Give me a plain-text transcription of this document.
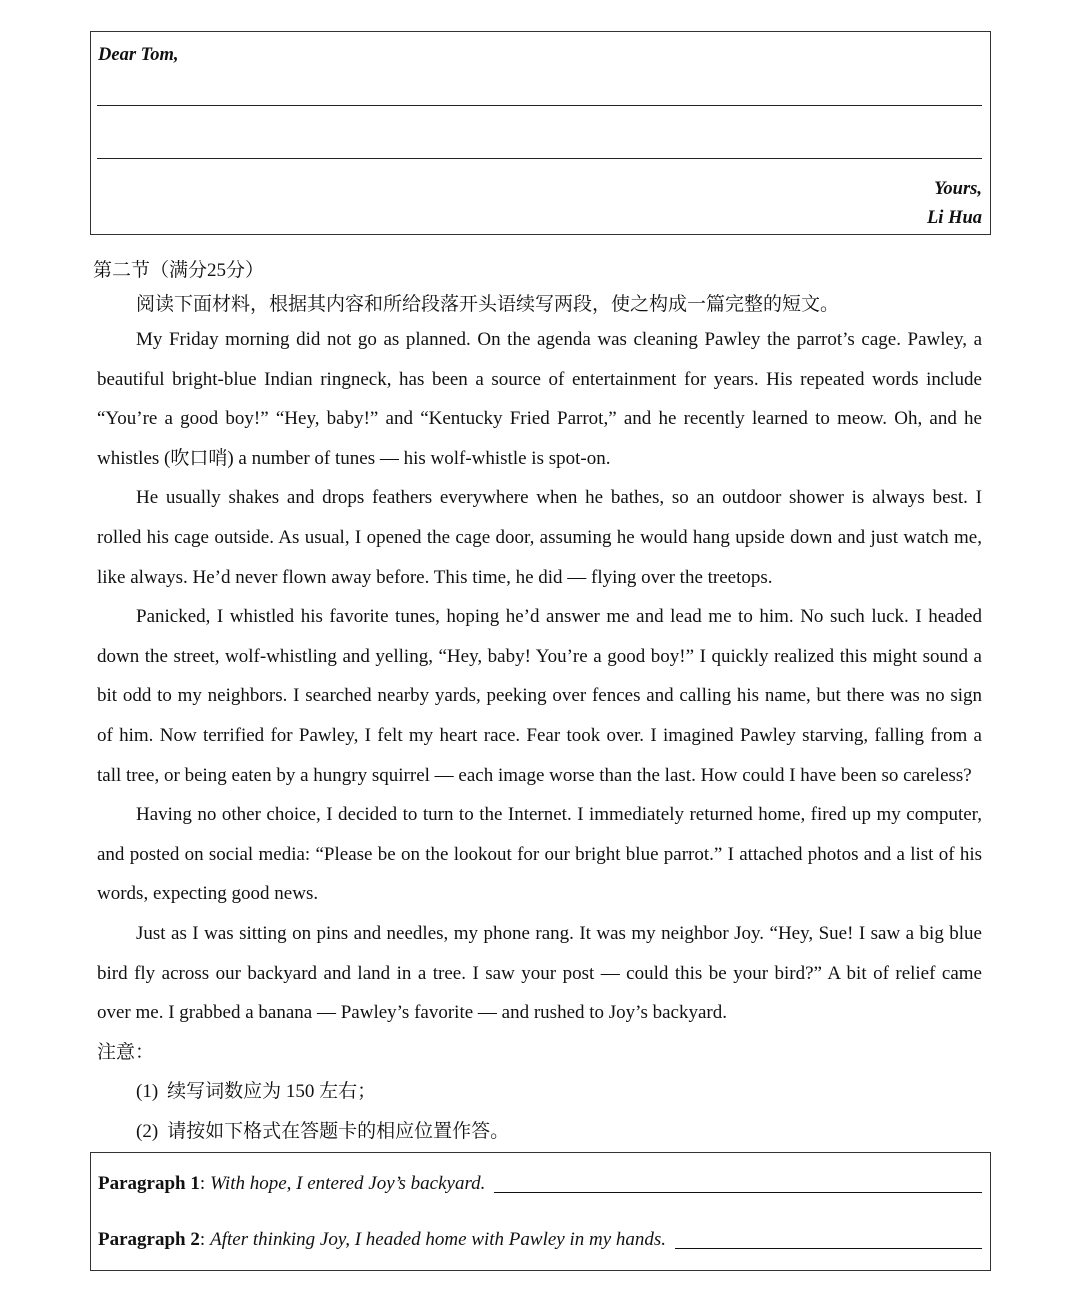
Dear Tom,
Yours,
Li Hua
第二节（满分25分）
阅读下面材料，根据其内容和所给段落开头语续写两段，使之构成一篇完整的短文。
My Friday morning did not go as planned. On the agenda was cleaning Pawley the parrot’s cage. Pawley, a
beautiful bright-blue Indian ringneck, has been a source of entertainment for years. His repeated words include
“You’re a good boy!” “Hey, baby!” and “Kentucky Fried Parrot,” and he recently learned to meow. Oh, and he
whistles (吹口哨) a number of tunes — his wolf-whistle is spot-on.
He usually shakes and drops feathers everywhere when he bathes, so an outdoor shower is always best. I
rolled his cage outside. As usual, I opened the cage door, assuming he would hang upside down and just watch me,
like always. He’d never flown away before. This time, he did — flying over the treetops.
Panicked, I whistled his favorite tunes, hoping he’d answer me and lead me to him. No such luck. I headed
down the street, wolf-whistling and yelling, “Hey, baby! You’re a good boy!” I quickly realized this might sound a
bit odd to my neighbors. I searched nearby yards, peeking over fences and calling his name, but there was no sign
of him. Now terrified for Pawley, I felt my heart race. Fear took over. I imagined Pawley starving, falling from a
tall tree, or being eaten by a hungry squirrel — each image worse than the last. How could I have been so careless?
Having no other choice, I decided to turn to the Internet. I immediately returned home, fired up my computer,
and posted on social media: “Please be on the lookout for our bright blue parrot.” I attached photos and a list of his
words, expecting good news.
Just as I was sitting on pins and needles, my phone rang. It was my neighbor Joy. “Hey, Sue! I saw a big blue
bird fly across our backyard and land in a tree. I saw your post — could this be your bird?” A bit of relief came
over me. I grabbed a banana — Pawley’s favorite — and rushed to Joy’s backyard.
注意：
(1) 续写词数应为 150 左右；
(2) 请按如下格式在答题卡的相应位置作答。
Paragraph 1: With hope, I entered Joy’s backyard.
Paragraph 2: After thinking Joy, I headed home with Pawley in my hands.
